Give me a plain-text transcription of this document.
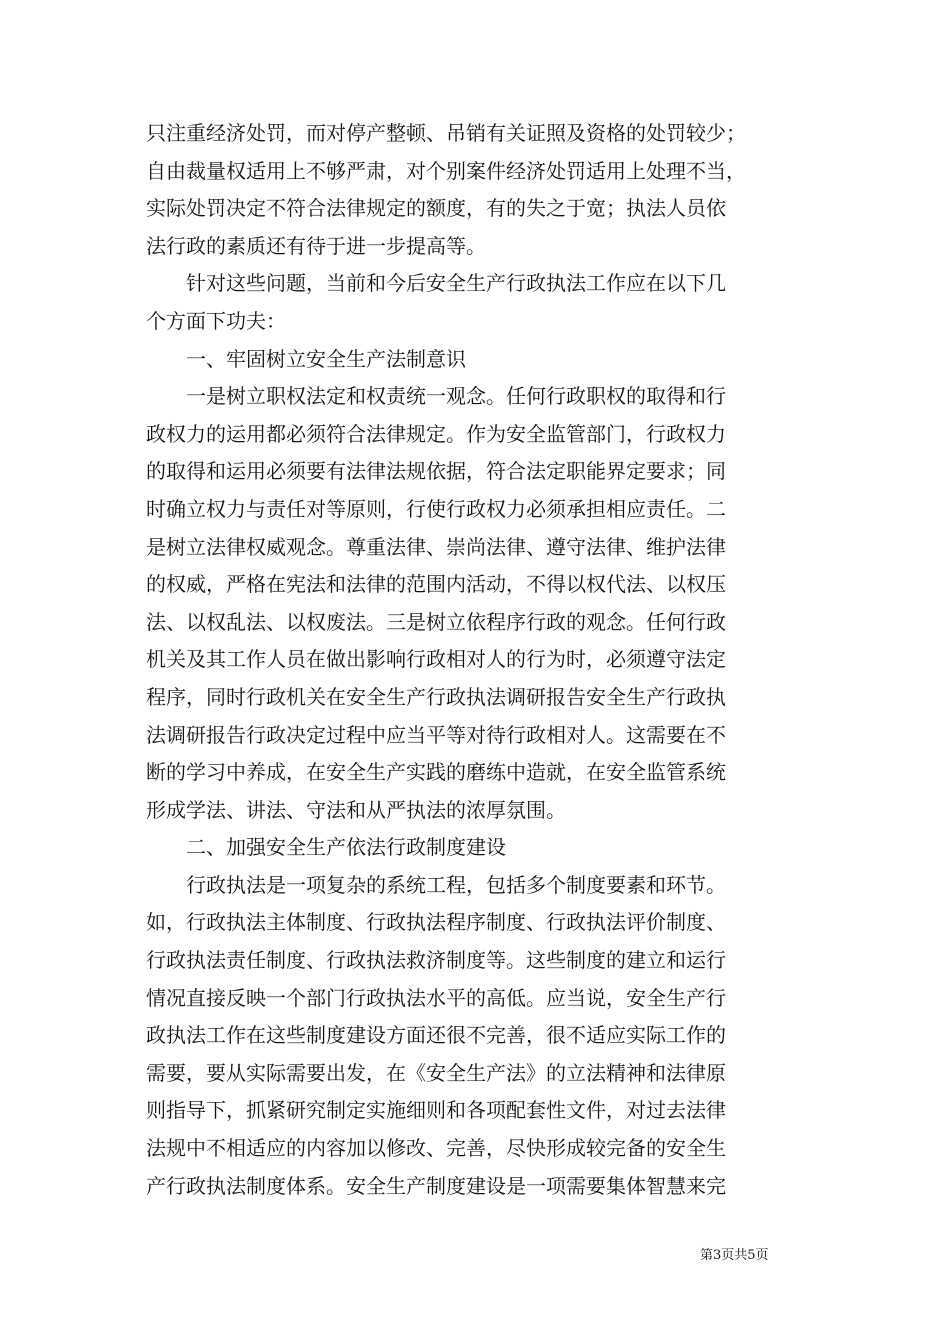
只注重经济处罚，而对停产整顿、吊销有关证照及资格的处罚较少；
自由裁量权适用上不够严肃，对个别案件经济处罚适用上处理不当，
实际处罚决定不符合法律规定的额度，有的失之于宽；执法人员依
法行政的素质还有待于进一步提高等。
针对这些问题，当前和今后安全生产行政执法工作应在以下几
个方面下功夫：
一、牢固树立安全生产法制意识
一是树立职权法定和权责统一观念。任何行政职权的取得和行
政权力的运用都必须符合法律规定。作为安全监管部门，行政权力
的取得和运用必须要有法律法规依据，符合法定职能界定要求；同
时确立权力与责任对等原则，行使行政权力必须承担相应责任。二
是树立法律权威观念。尊重法律、崇尚法律、遵守法律、维护法律
的权威，严格在宪法和法律的范围内活动，不得以权代法、以权压
法、以权乱法、以权废法。三是树立依程序行政的观念。任何行政
机关及其工作人员在做出影响行政相对人的行为时，必须遵守法定
程序，同时行政机关在安全生产行政执法调研报告安全生产行政执
法调研报告行政决定过程中应当平等对待行政相对人。这需要在不
断的学习中养成，在安全生产实践的磨练中造就，在安全监管系统
形成学法、讲法、守法和从严执法的浓厚氛围。
二、加强安全生产依法行政制度建设
行政执法是一项复杂的系统工程，包括多个制度要素和环节。
如，行政执法主体制度、行政执法程序制度、行政执法评价制度、
行政执法责任制度、行政执法救济制度等。这些制度的建立和运行
情况直接反映一个部门行政执法水平的高低。应当说，安全生产行
政执法工作在这些制度建设方面还很不完善，很不适应实际工作的
需要，要从实际需要出发，在《安全生产法》的立法精神和法律原
则指导下，抓紧研究制定实施细则和各项配套性文件，对过去法律
法规中不相适应的内容加以修改、完善，尽快形成较完备的安全生
产行政执法制度体系。安全生产制度建设是一项需要集体智慧来完
第3页共5页
